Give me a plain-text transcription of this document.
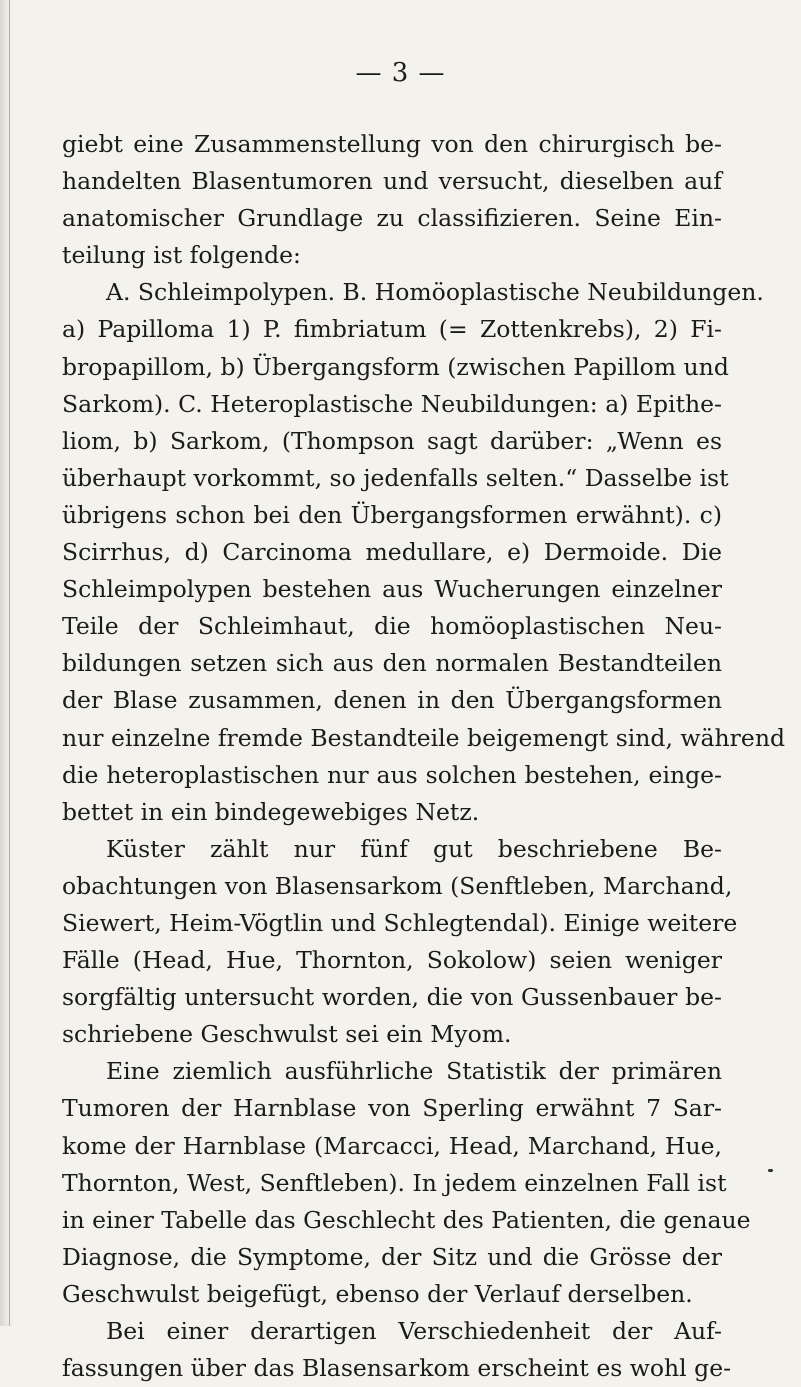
— 3 —
giebt eine Zusammenstellung von den chirurgisch be-
handelten Blasentumoren und versucht, dieselben auf
anatomischer Grundlage zu classifizieren. Seine Ein-
teilung ist folgende:
A. Schleimpolypen. B. Homöoplastische Neubildungen.
a) Papilloma 1) P. fimbriatum (= Zottenkrebs), 2) Fi-
bropapillom, b) Übergangsform (zwischen Papillom und
Sarkom). C. Heteroplastische Neubildungen: a) Epithe-
liom, b) Sarkom, (Thompson sagt darüber: „Wenn es
überhaupt vorkommt, so jedenfalls selten.“ Dasselbe ist
übrigens schon bei den Übergangsformen erwähnt). c)
Scirrhus, d) Carcinoma medullare, e) Dermoide. Die
Schleimpolypen bestehen aus Wucherungen einzelner
Teile der Schleimhaut, die homöoplastischen Neu-
bildungen setzen sich aus den normalen Bestandteilen
der Blase zusammen, denen in den Übergangsformen
nur einzelne fremde Bestandteile beigemengt sind, während
die heteroplastischen nur aus solchen bestehen, einge-
bettet in ein bindegewebiges Netz.
Küster zählt nur fünf gut beschriebene Be-
obachtungen von Blasensarkom (Senftleben, Marchand,
Siewert, Heim-Vögtlin und Schlegtendal). Einige weitere
Fälle (Head, Hue, Thornton, Sokolow) seien weniger
sorgfältig untersucht worden, die von Gussenbauer be-
schriebene Geschwulst sei ein Myom.
Eine ziemlich ausführliche Statistik der primären
Tumoren der Harnblase von Sperling erwähnt 7 Sar-
kome der Harnblase (Marcacci, Head, Marchand, Hue,
Thornton, West, Senftleben). In jedem einzelnen Fall ist
in einer Tabelle das Geschlecht des Patienten, die genaue
Diagnose, die Symptome, der Sitz und die Grösse der
Geschwulst beigefügt, ebenso der Verlauf derselben.
Bei einer derartigen Verschiedenheit der Auf-
fassungen über das Blasensarkom erscheint es wohl ge-
